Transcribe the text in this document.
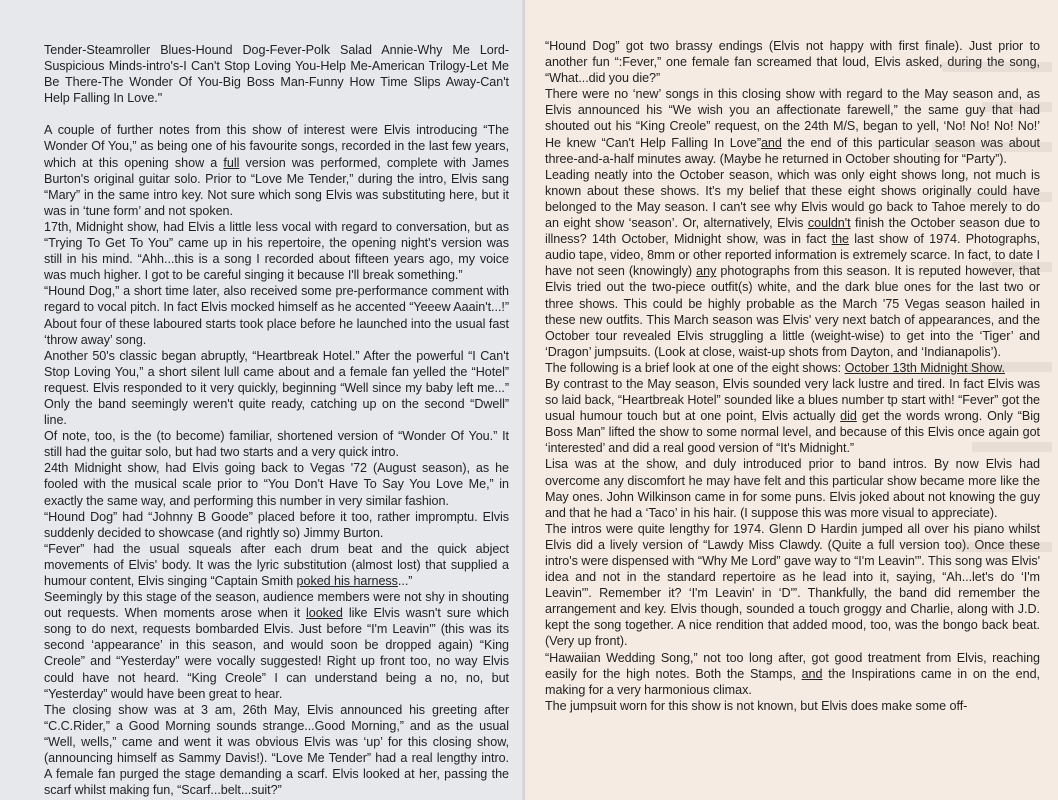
Tender-Steamroller Blues-Hound Dog-Fever-Polk Salad Annie-Why Me Lord-Suspicious Minds-intro's-I Can't Stop Loving You-Help Me-American Trilogy-Let Me Be There-The Wonder Of You-Big Boss Man-Funny How Time Slips Away-Can't Help Falling In Love."

A couple of further notes from this show of interest were Elvis introducing “The Wonder Of You,” as being one of his favourite songs, recorded in the last few years, which at this opening show a full version was performed, complete with James Burton's original guitar solo. Prior to “Love Me Tender,” during the intro, Elvis sang “Mary” in the same intro key. Not sure which song Elvis was substituting here, but it was in ‘tune form’ and not spoken.

17th, Midnight show, had Elvis a little less vocal with regard to conversation, but as “Trying To Get To You” came up in his repertoire, the opening night's version was still in his mind. “Ahh...this is a song I recorded about fifteen years ago, my voice was much higher. I got to be careful singing it because I'll break something.”

“Hound Dog,” a short time later, also received some pre-performance comment with regard to vocal pitch. In fact Elvis mocked himself as he accented “Yeeew Aaain't...!” About four of these laboured starts took place before he launched into the usual fast ‘throw away’ song.

Another 50's classic began abruptly, “Heartbreak Hotel.” After the powerful “I Can't Stop Loving You,” a short silent lull came about and a female fan yelled the “Hotel” request. Elvis responded to it very quickly, beginning “Well since my baby left me...” Only the band seemingly weren't quite ready, catching up on the second “Dwell” line.

Of note, too, is the (to become) familiar, shortened version of “Wonder Of You.” It still had the guitar solo, but had two starts and a very quick intro.

24th Midnight show, had Elvis going back to Vegas '72 (August season), as he fooled with the musical scale prior to “You Don't Have To Say You Love Me,” in exactly the same way, and performing this number in very similar fashion.

“Hound Dog” had “Johnny B Goode” placed before it too, rather impromptu. Elvis suddenly decided to showcase (and rightly so) Jimmy Burton.

“Fever” had the usual squeals after each drum beat and the quick abject movements of Elvis' body. It was the lyric substitution (almost lost) that supplied a humour content, Elvis singing “Captain Smith poked his harness...”

Seemingly by this stage of the season, audience members were not shy in shouting out requests. When moments arose when it looked like Elvis wasn't sure which song to do next, requests bombarded Elvis. Just before “I'm Leavin'” (this was its second ‘appearance’ in this season, and would soon be dropped again) “King Creole” and “Yesterday” were vocally suggested! Right up front too, no way Elvis could have not heard. “King Creole” I can understand being a no, no, but “Yesterday” would have been great to hear.

The closing show was at 3 am, 26th May, Elvis announced his greeting after “C.C.Rider,” a Good Morning sounds strange...Good Morning,” and as the usual “Well, wells,” came and went it was obvious Elvis was ‘up’ for this closing show, (announcing himself as Sammy Davis!). “Love Me Tender” had a real lengthy intro. A female fan purged the stage demanding a scarf. Elvis looked at her, passing the scarf whilst making fun, “Scarf...belt...suit?”

“Hound Dog” got two brassy endings (Elvis not happy with first finale). Just prior to another fun “:Fever,” one female fan screamed that loud, Elvis asked, during the song, “What...did you die?”

There were no ‘new’ songs in this closing show with regard to the May season and, as Elvis announced his “We wish you an affectionate farewell,” the same guy that had shouted out his “King Creole” request, on the 24th M/S, began to yell, ‘No! No! No! No!’ He knew “Can't Help Falling In Love”and the end of this particular season was about three-and-a-half minutes away. (Maybe he returned in October shouting for “Party”).

Leading neatly into the October season, which was only eight shows long, not much is known about these shows. It's my belief that these eight shows originally could have belonged to the May season. I can't see why Elvis would go back to Tahoe merely to do an eight show ‘season’. Or, alternatively, Elvis couldn't finish the October season due to illness? 14th October, Midnight show, was in fact the last show of 1974. Photographs, audio tape, video, 8mm or other reported information is extremely scarce. In fact, to date I have not seen (knowingly) any photographs from this season. It is reputed however, that Elvis tried out the two-piece outfit(s) white, and the dark blue ones for the last two or three shows. This could be highly probable as the March '75 Vegas season hailed in these new outfits. This March season was Elvis' very next batch of appearances, and the October tour revealed Elvis struggling a little (weight-wise) to get into the ‘Tiger’ and ‘Dragon’ jumpsuits. (Look at close, waist-up shots from Dayton, and ‘Indianapolis’).

The following is a brief look at one of the eight shows: October 13th Midnight Show.

By contrast to the May season, Elvis sounded very lack lustre and tired. In fact Elvis was so laid back, “Heartbreak Hotel” sounded like a blues number tp start with! “Fever” got the usual humour touch but at one point, Elvis actually did get the words wrong. Only “Big Boss Man” lifted the show to some normal level, and because of this Elvis once again got ‘interested’ and did a real good version of “It's Midnight.”

Lisa was at the show, and duly introduced prior to band intros. By now Elvis had overcome any discomfort he may have felt and this particular show became more like the May ones. John Wilkinson came in for some puns. Elvis joked about not knowing the guy and that he had a ‘Taco’ in his hair. (I suppose this was more visual to appreciate).

The intros were quite lengthy for 1974. Glenn D Hardin jumped all over his piano whilst Elvis did a lively version of “Lawdy Miss Clawdy. (Quite a full version too). Once these intro's were dispensed with “Why Me Lord” gave way to “I'm Leavin'”. This song was Elvis' idea and not in the standard repertoire as he lead into it, saying, “Ah...let's do ‘I'm Leavin'”. Remember it? ‘I'm Leavin' in ‘D'”. Thankfully, the band did remember the arrangement and key. Elvis though, sounded a touch groggy and Charlie, along with J.D. kept the song together. A nice rendition that added mood, too, was the bongo back beat. (Very up front).

“Hawaiian Wedding Song,” not too long after, got good treatment from Elvis, reaching easily for the high notes. Both the Stamps, and the Inspirations came in on the end, making for a very harmonious climax.

The jumpsuit worn for this show is not known, but Elvis does make some off-
